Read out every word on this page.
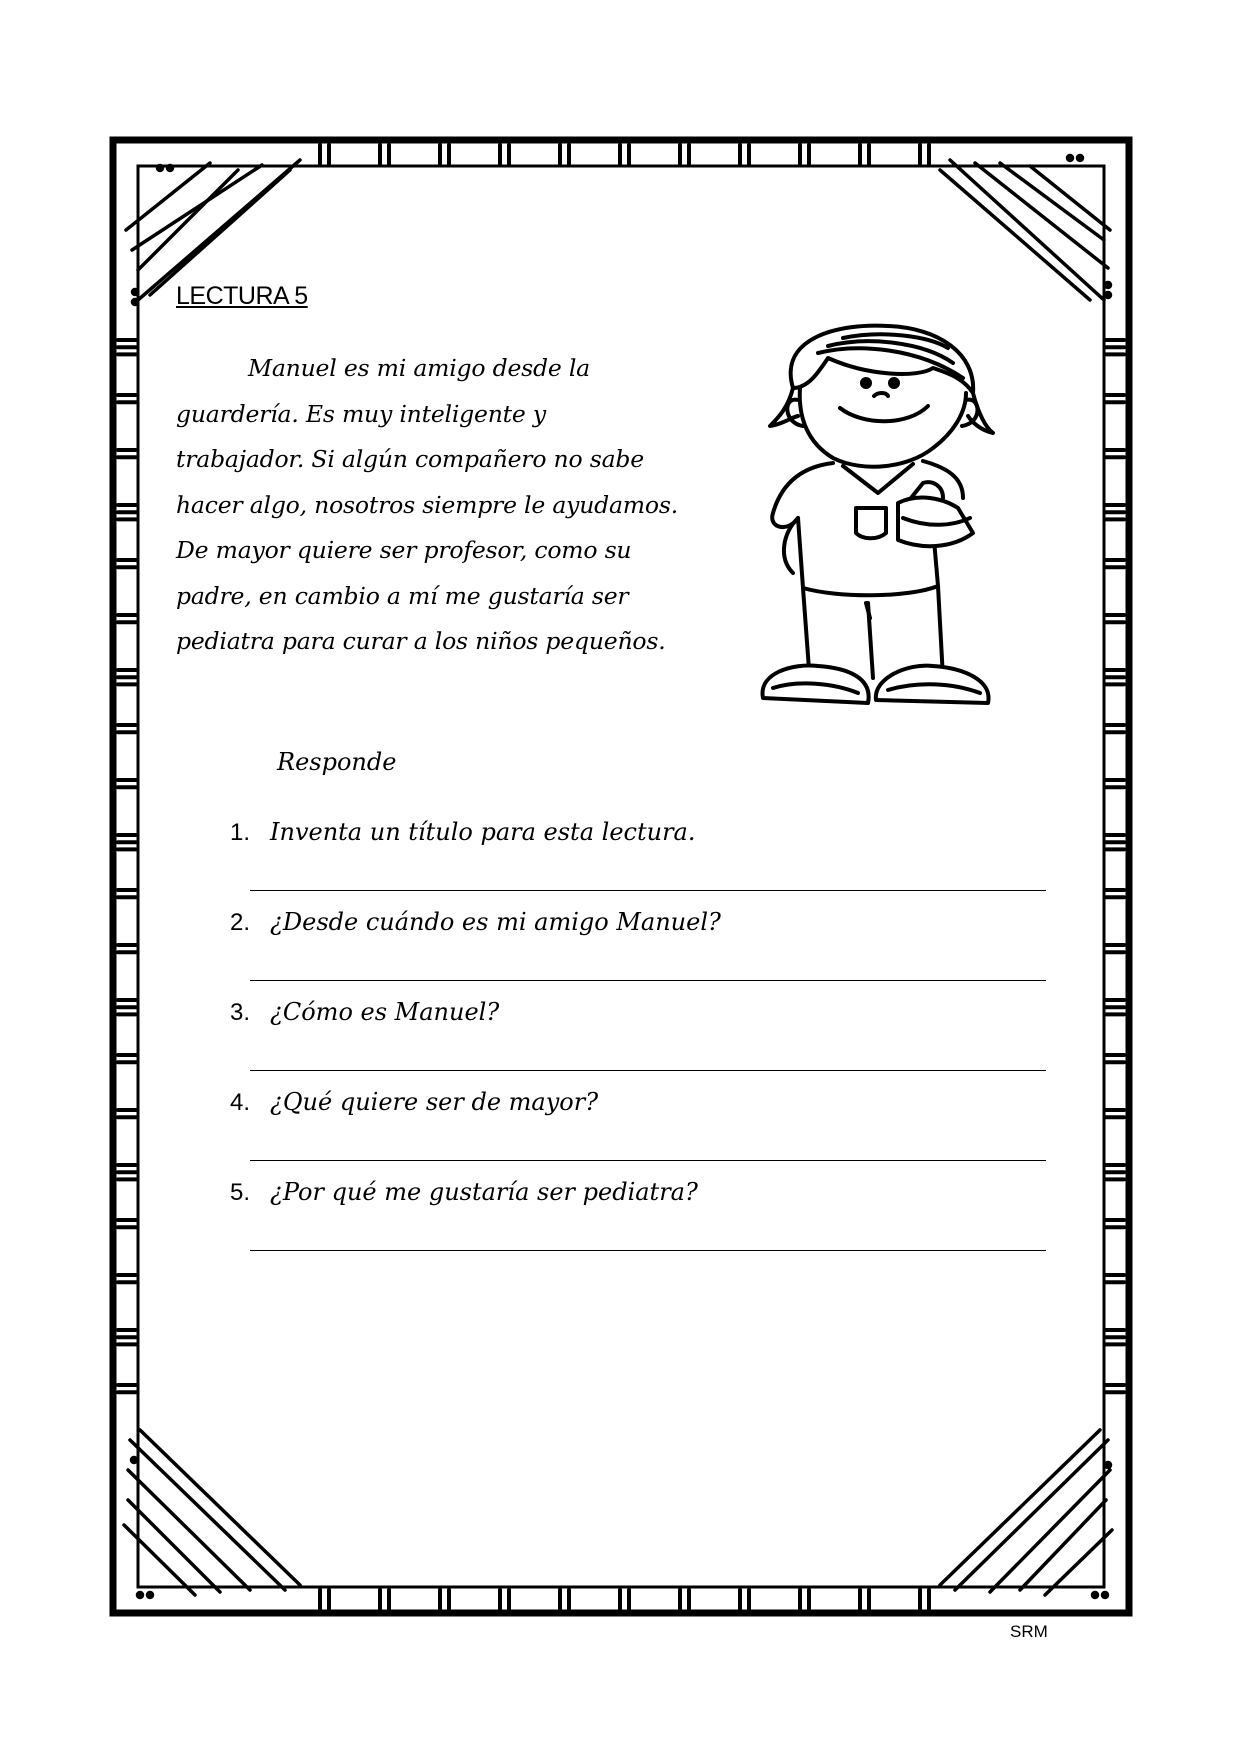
LECTURA 5

Manuel es mi amigo desde la
guardería. Es muy inteligente y
trabajador. Si algún compañero no sabe
hacer algo, nosotros siempre le ayudamos.
De mayor quiere ser profesor, como su
padre, en cambio a mí me gustaría ser
pediatra para curar a los niños pequeños.

Responde
1. Inventa un título para esta lectura.
2. ¿Desde cuándo es mi amigo Manuel?
3. ¿Cómo es Manuel?
4. ¿Qué quiere ser de mayor?
5. ¿Por qué me gustaría ser pediatra?
SRM
